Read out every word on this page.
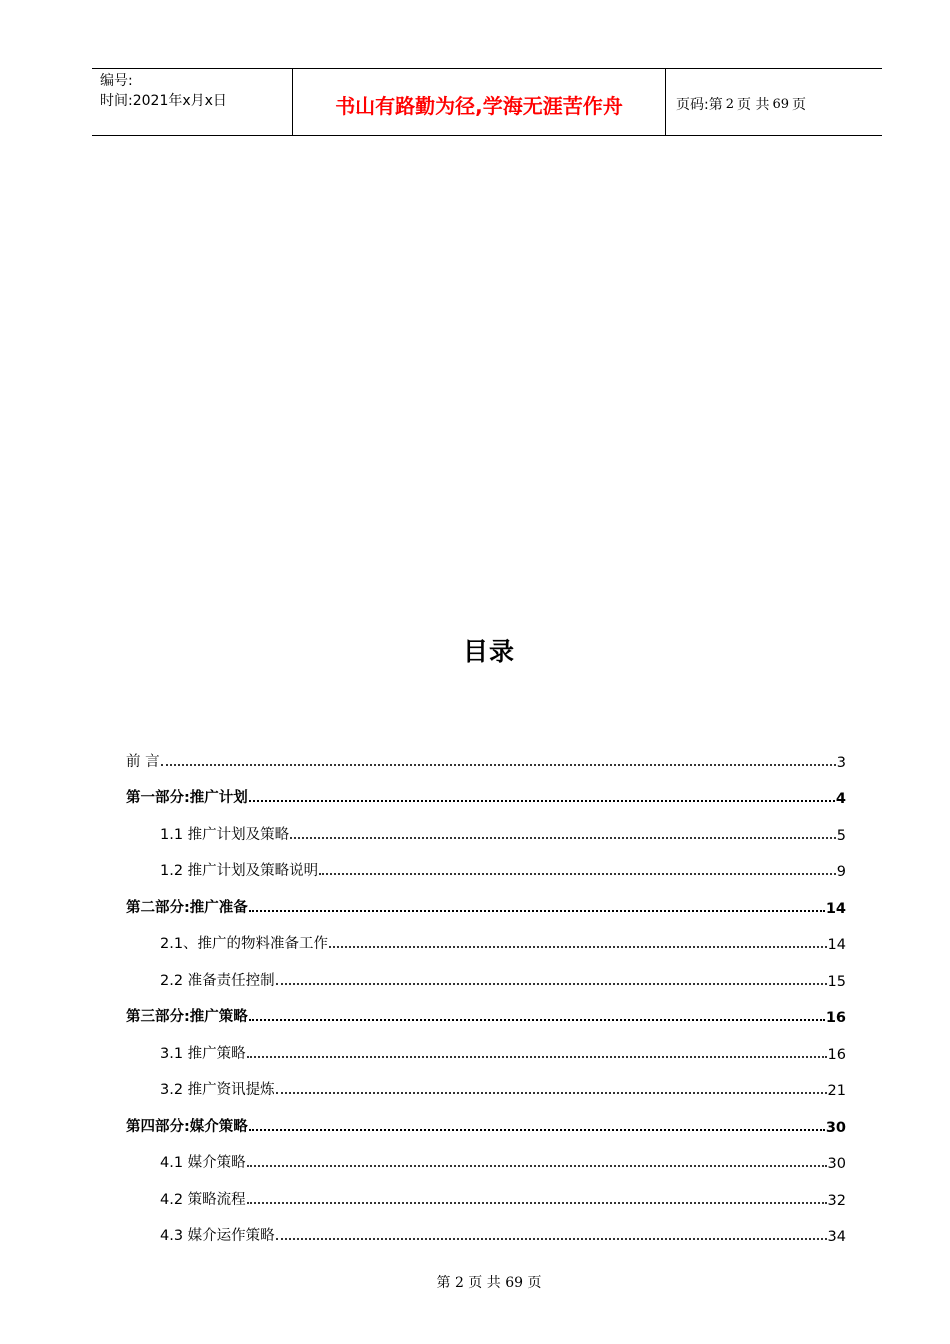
编号:
时间:2021年x月x日	书山有路勤为径,学海无涯苦作舟	页码:第 2 页 共 69 页
目录
前 言	3
第一部分:推广计划	4
1.1 推广计划及策略	5
1.2 推广计划及策略说明	9
第二部分:推广准备	14
2.1、推广的物料准备工作	14
2.2 准备责任控制	15
第三部分:推广策略	16
3.1 推广策略	16
3.2 推广资讯提炼	21
第四部分:媒介策略	30
4.1 媒介策略	30
4.2 策略流程	32
4.3 媒介运作策略	34
第 2 页 共 69 页
